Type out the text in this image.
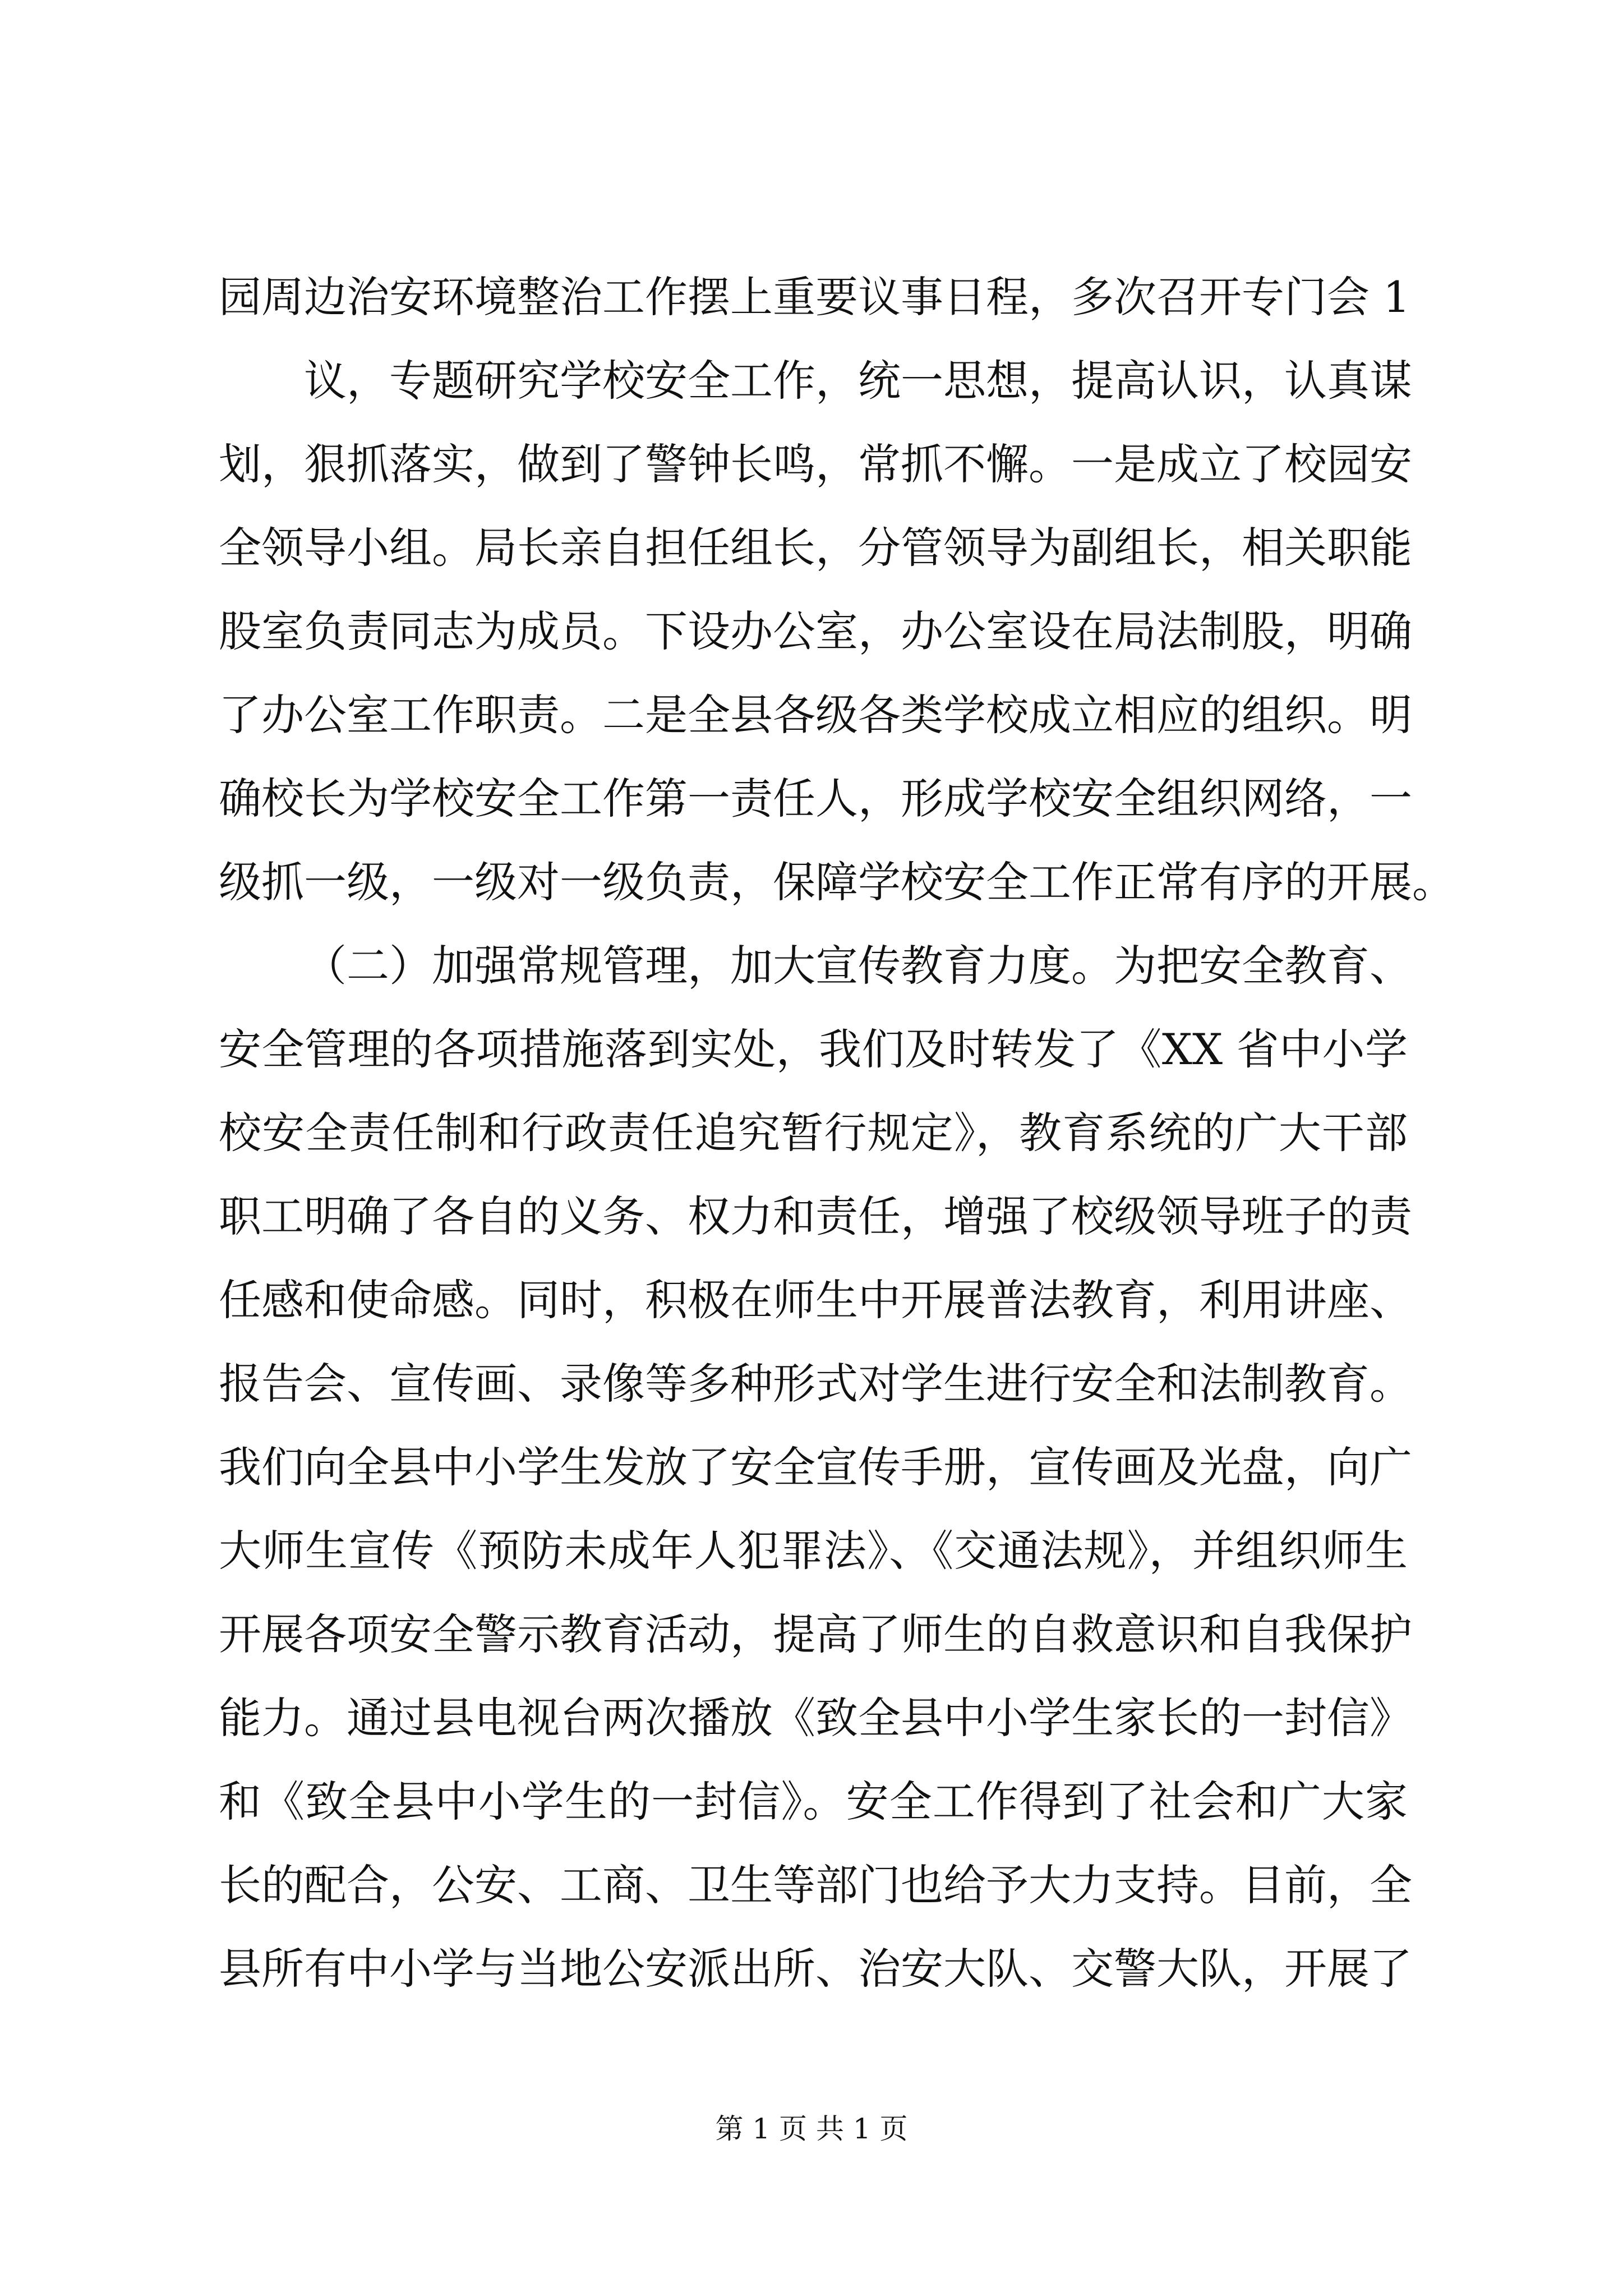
园周边治安环境整治工作摆上重要议事日程，多次召开专门会 1
议，专题研究学校安全工作，统一思想，提高认识，认真谋
划，狠抓落实，做到了警钟长鸣，常抓不懈。一是成立了校园安
全领导小组。局长亲自担任组长，分管领导为副组长，相关职能
股室负责同志为成员。下设办公室，办公室设在局法制股，明确
了办公室工作职责。二是全县各级各类学校成立相应的组织。明
确校长为学校安全工作第一责任人，形成学校安全组织网络，一
级抓一级，一级对一级负责，保障学校安全工作正常有序的开展。
（二）加强常规管理，加大宣传教育力度。为把安全教育、
安全管理的各项措施落到实处，我们及时转发了《XX 省中小学
校安全责任制和行政责任追究暂行规定》，教育系统的广大干部
职工明确了各自的义务、权力和责任，增强了校级领导班子的责
任感和使命感。同时，积极在师生中开展普法教育，利用讲座、
报告会、宣传画、录像等多种形式对学生进行安全和法制教育。
我们向全县中小学生发放了安全宣传手册，宣传画及光盘，向广
大师生宣传《预防未成年人犯罪法》、《交通法规》，并组织师生
开展各项安全警示教育活动，提高了师生的自救意识和自我保护
能力。通过县电视台两次播放《致全县中小学生家长的一封信》
和《致全县中小学生的一封信》。安全工作得到了社会和广大家
长的配合，公安、工商、卫生等部门也给予大力支持。目前，全
县所有中小学与当地公安派出所、治安大队、交警大队，开展了
第 1 页 共 1 页
